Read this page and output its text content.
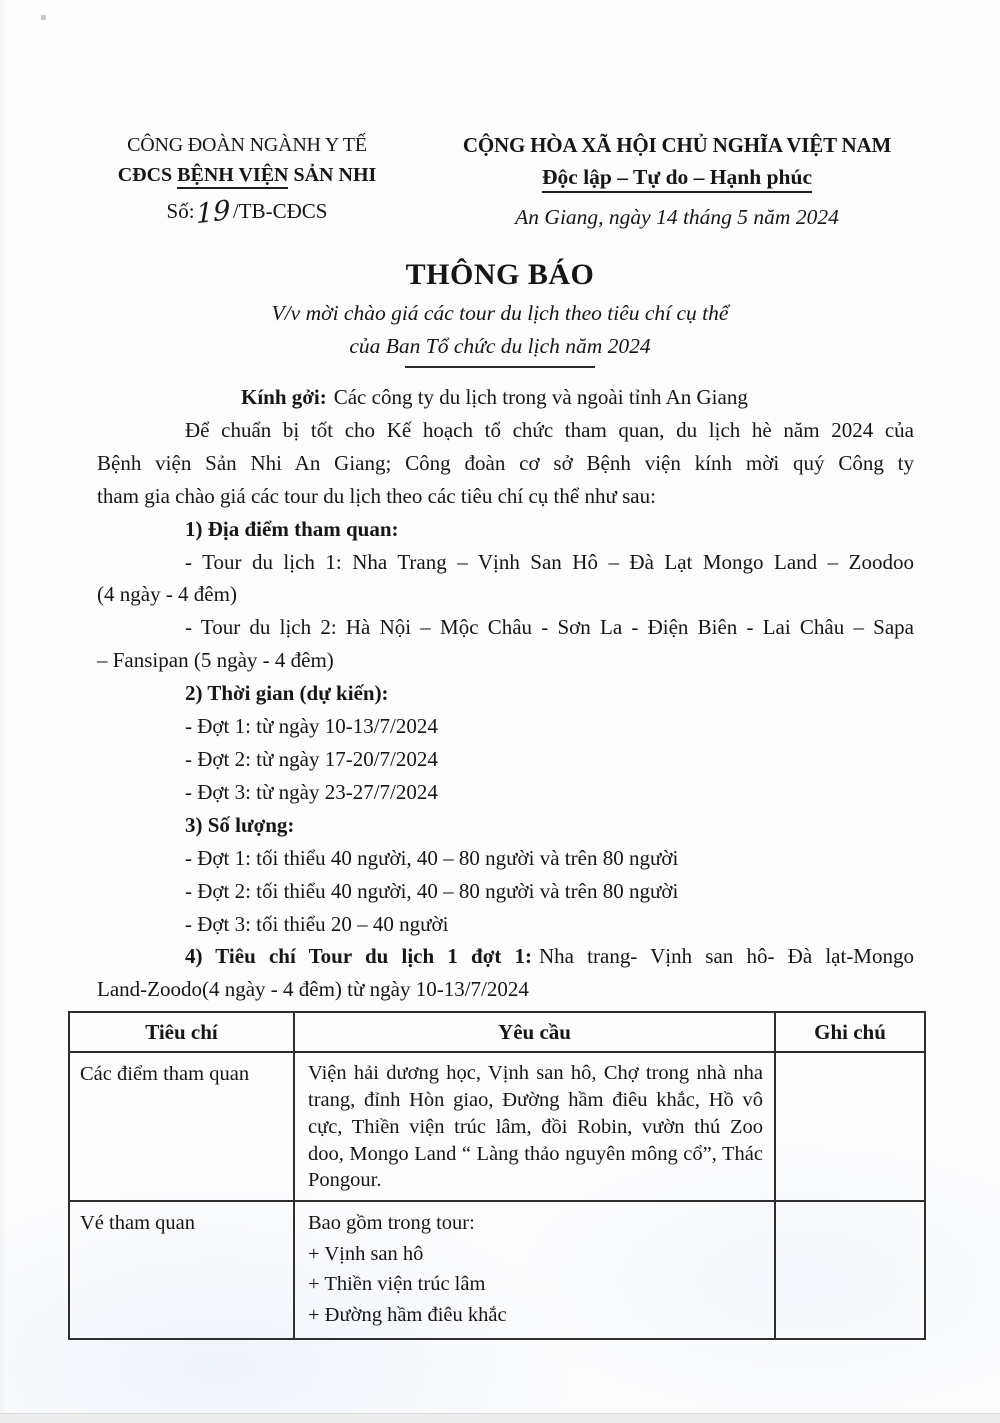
CÔNG ĐOÀN NGÀNH Y TẾ
CĐCS BỆNH VIỆN SẢN NHI
Số:19 /TB-CĐCS
CỘNG HÒA XÃ HỘI CHỦ NGHĨA VIỆT NAM
Độc lập – Tự do – Hạnh phúc
An Giang, ngày 14 tháng 5 năm 2024
THÔNG BÁO
V/v mời chào giá các tour du lịch theo tiêu chí cụ thể
của Ban Tổ chức du lịch năm 2024
Kính gởi: Các công ty du lịch trong và ngoài tỉnh An Giang
Để chuẩn bị tốt cho Kế hoạch tổ chức tham quan, du lịch hè năm 2024 của
Bệnh viện Sản Nhi An Giang; Công đoàn cơ sở Bệnh viện kính mời quý Công ty
tham gia chào giá các tour du lịch theo các tiêu chí cụ thể như sau:
1) Địa điểm tham quan:
- Tour du lịch 1: Nha Trang – Vịnh San Hô – Đà Lạt Mongo Land – Zoodoo
(4 ngày - 4 đêm)
- Tour du lịch 2: Hà Nội – Mộc Châu - Sơn La - Điện Biên - Lai Châu – Sapa
– Fansipan (5 ngày - 4 đêm)
2) Thời gian (dự kiến):
- Đợt 1: từ ngày 10-13/7/2024
- Đợt 2: từ ngày 17-20/7/2024
- Đợt 3: từ ngày 23-27/7/2024
3) Số lượng:
- Đợt 1: tối thiểu 40 người, 40 – 80 người và trên 80 người
- Đợt 2: tối thiểu 40 người, 40 – 80 người và trên 80 người
- Đợt 3: tối thiểu 20 – 40 người
4) Tiêu chí Tour du lịch 1 đợt 1: Nha trang- Vịnh san hô- Đà lạt-Mongo
Land-Zoodo(4 ngày - 4 đêm) từ ngày 10-13/7/2024
Tiêu chí	Yêu cầu	Ghi chú
Các điểm tham quan	Viện hải dương học, Vịnh san hô, Chợ trong nhà nha trang, đỉnh Hòn giao, Đường hầm điêu khắc, Hồ vô cực, Thiền viện trúc lâm, đồi Robin, vườn thú Zoo doo, Mongo Land “ Làng thảo nguyên mông cổ”, Thác Pongour.	
Vé tham quan	Bao gồm trong tour:
+ Vịnh san hô
+ Thiền viện trúc lâm
+ Đường hầm điêu khắc	
